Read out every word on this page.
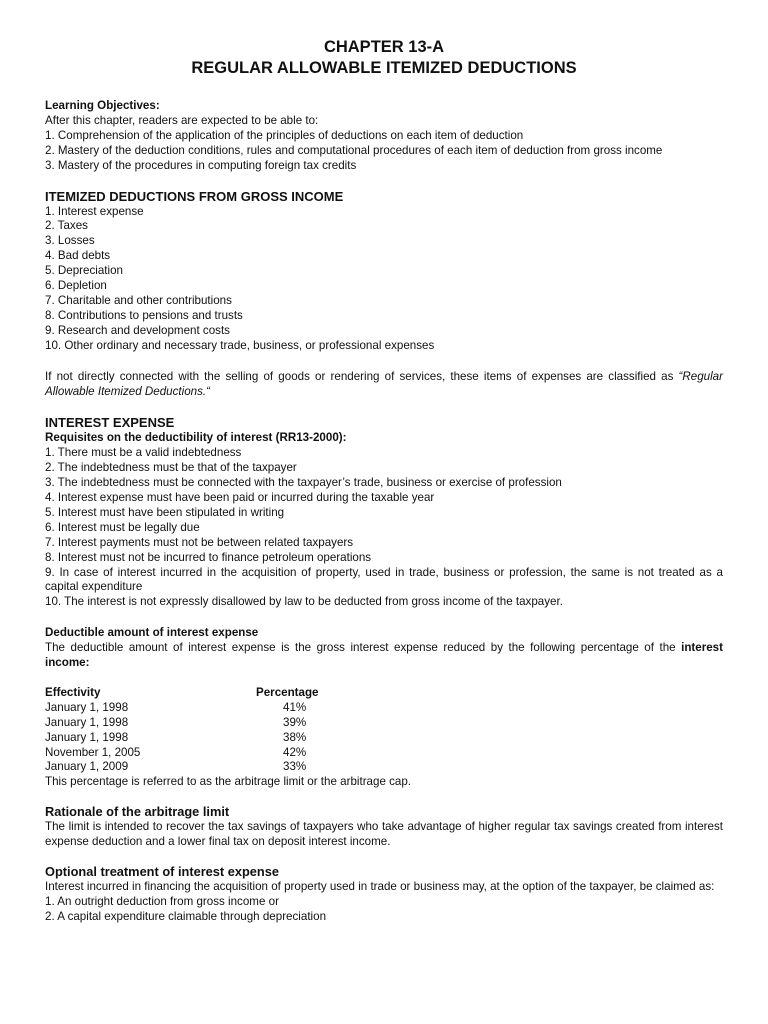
CHAPTER 13-A
REGULAR ALLOWABLE ITEMIZED DEDUCTIONS
Learning Objectives:
After this chapter, readers are expected to be able to:
1. Comprehension of the application of the principles of deductions on each item of deduction
2. Mastery of the deduction conditions, rules and computational procedures of each item of deduction from gross income
3. Mastery of the procedures in computing foreign tax credits
ITEMIZED DEDUCTIONS FROM GROSS INCOME
1. Interest expense
2. Taxes
3. Losses
4. Bad debts
5. Depreciation
6. Depletion
7. Charitable and other contributions
8. Contributions to pensions and trusts
9. Research and development costs
10. Other ordinary and necessary trade, business, or professional expenses
If not directly connected with the selling of goods or rendering of services, these items of expenses are classified as “Regular Allowable Itemized Deductions.“
INTEREST EXPENSE
Requisites on the deductibility of interest (RR13-2000):
1. There must be a valid indebtedness
2. The indebtedness must be that of the taxpayer
3. The indebtedness must be connected with the taxpayer’s trade, business or exercise of profession
4. Interest expense must have been paid or incurred during the taxable year
5. Interest must have been stipulated in writing
6. Interest must be legally due
7. Interest payments must not be between related taxpayers
8. Interest must not be incurred to finance petroleum operations
9. In case of interest incurred in the acquisition of property, used in trade, business or profession, the same is not treated as a capital expenditure
10. The interest is not expressly disallowed by law to be deducted from gross income of the taxpayer.
Deductible amount of interest expense
The deductible amount of interest expense is the gross interest expense reduced by the following percentage of the interest income:
Effectivity	Percentage
January 1, 1998	41%
January 1, 1998	39%
January 1, 1998	38%
November 1, 2005	42%
January 1, 2009	33%
This percentage is referred to as the arbitrage limit or the arbitrage cap.
Rationale of the arbitrage limit
The limit is intended to recover the tax savings of taxpayers who take advantage of higher regular tax savings created from interest expense deduction and a lower final tax on deposit interest income.
Optional treatment of interest expense
Interest incurred in financing the acquisition of property used in trade or business may, at the option of the taxpayer, be claimed as:
1. An outright deduction from gross income or
2. A capital expenditure claimable through depreciation
